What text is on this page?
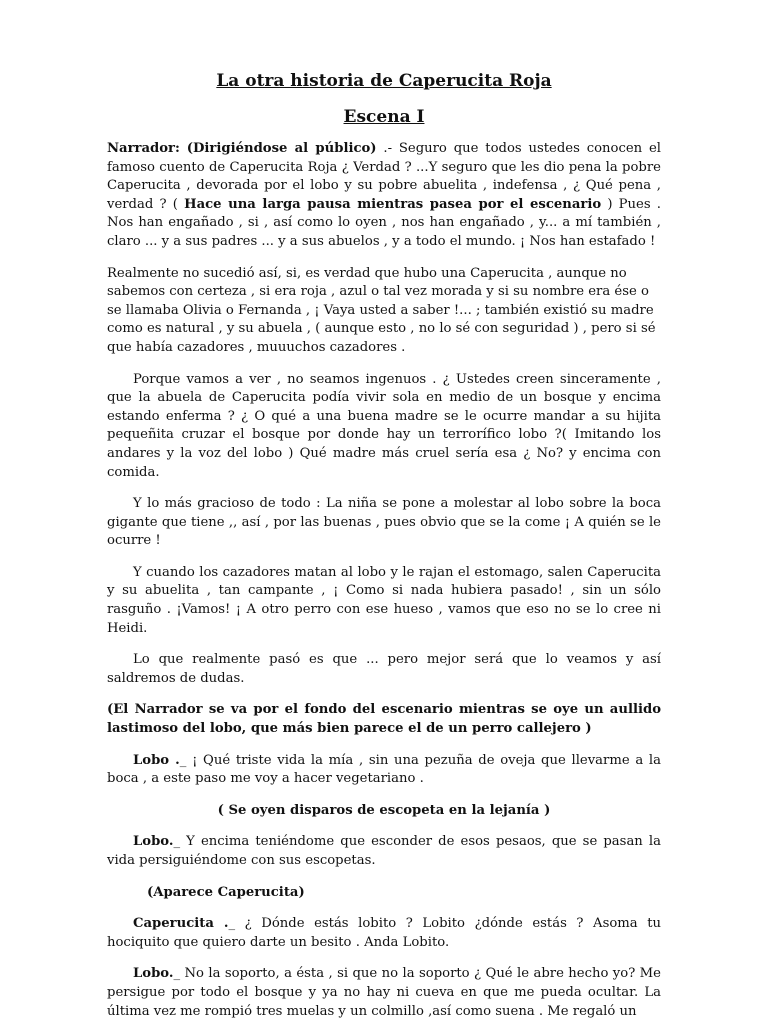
La otra historia de Caperucita Roja
Escena I

Narrador: (Dirigiéndose al público) .- Seguro que todos ustedes conocen el famoso cuento de Caperucita Roja ¿ Verdad ? ...Y seguro que les dio pena la pobre Caperucita , devorada por el lobo y su pobre abuelita , indefensa , ¿ Qué pena , verdad ? ( Hace una larga pausa mientras pasea por el escenario ) Pues . Nos han engañado , si , así como lo oyen , nos han engañado , y... a mí también , claro ... y a sus padres ... y a sus abuelos , y a todo el mundo. ¡ Nos han estafado !

Realmente no sucedió así, si, es verdad que hubo una Caperucita , aunque no sabemos con certeza , si era roja , azul o tal vez morada y si su nombre era ése o se llamaba Olivia o Fernanda , ¡ Vaya usted a saber !... ; también existió su madre como es natural , y su abuela , ( aunque esto , no lo sé con seguridad ) , pero si sé que había cazadores , muuuchos cazadores .

Porque vamos a ver , no seamos ingenuos . ¿ Ustedes creen sinceramente , que la abuela de Caperucita podía vivir sola en medio de un bosque y encima estando enferma ? ¿ O qué a una buena madre se le ocurre mandar a su hijita pequeñita cruzar el bosque por donde hay un terrorífico lobo ?( Imitando los andares y la voz del lobo ) Qué madre más cruel sería esa ¿ No? y encima con comida.

Y lo más gracioso de todo : La niña se pone a molestar al lobo sobre la boca gigante que tiene ,, así , por las buenas , pues obvio que se la come ¡ A quién se le ocurre !

Y cuando los cazadores matan al lobo y le rajan el estomago, salen Caperucita y su abuelita , tan campante , ¡ Como si nada hubiera pasado! , sin un sólo rasguño . ¡Vamos! ¡ A otro perro con ese hueso , vamos que eso no se lo cree ni Heidi.

Lo que realmente pasó es que ... pero mejor será que lo veamos y así saldremos de dudas.

(El Narrador se va por el fondo del escenario mientras se oye un aullido lastimoso del lobo, que más bien parece el de un perro callejero )

Lobo ._ ¡ Qué triste vida la mía , sin una pezuña de oveja que llevarme a la boca , a este paso me voy a hacer vegetariano .

( Se oyen disparos de escopeta en la lejanía )

Lobo._ Y encima teniéndome que esconder de esos pesaos, que se pasan la vida persiguiéndome con sus escopetas.

(Aparece Caperucita)

Caperucita ._ ¿ Dónde estás lobito ? Lobito ¿dónde estás ? Asoma tu hociquito que quiero darte un besito . Anda Lobito.

Lobo._ No la soporto, a ésta , si que no la soporto ¿ Qué le abre hecho yo? Me persigue por todo el bosque y ya no hay ni cueva en que me pueda ocultar. La última vez me rompió tres muelas y un colmillo ,así como suena . Me regaló un
